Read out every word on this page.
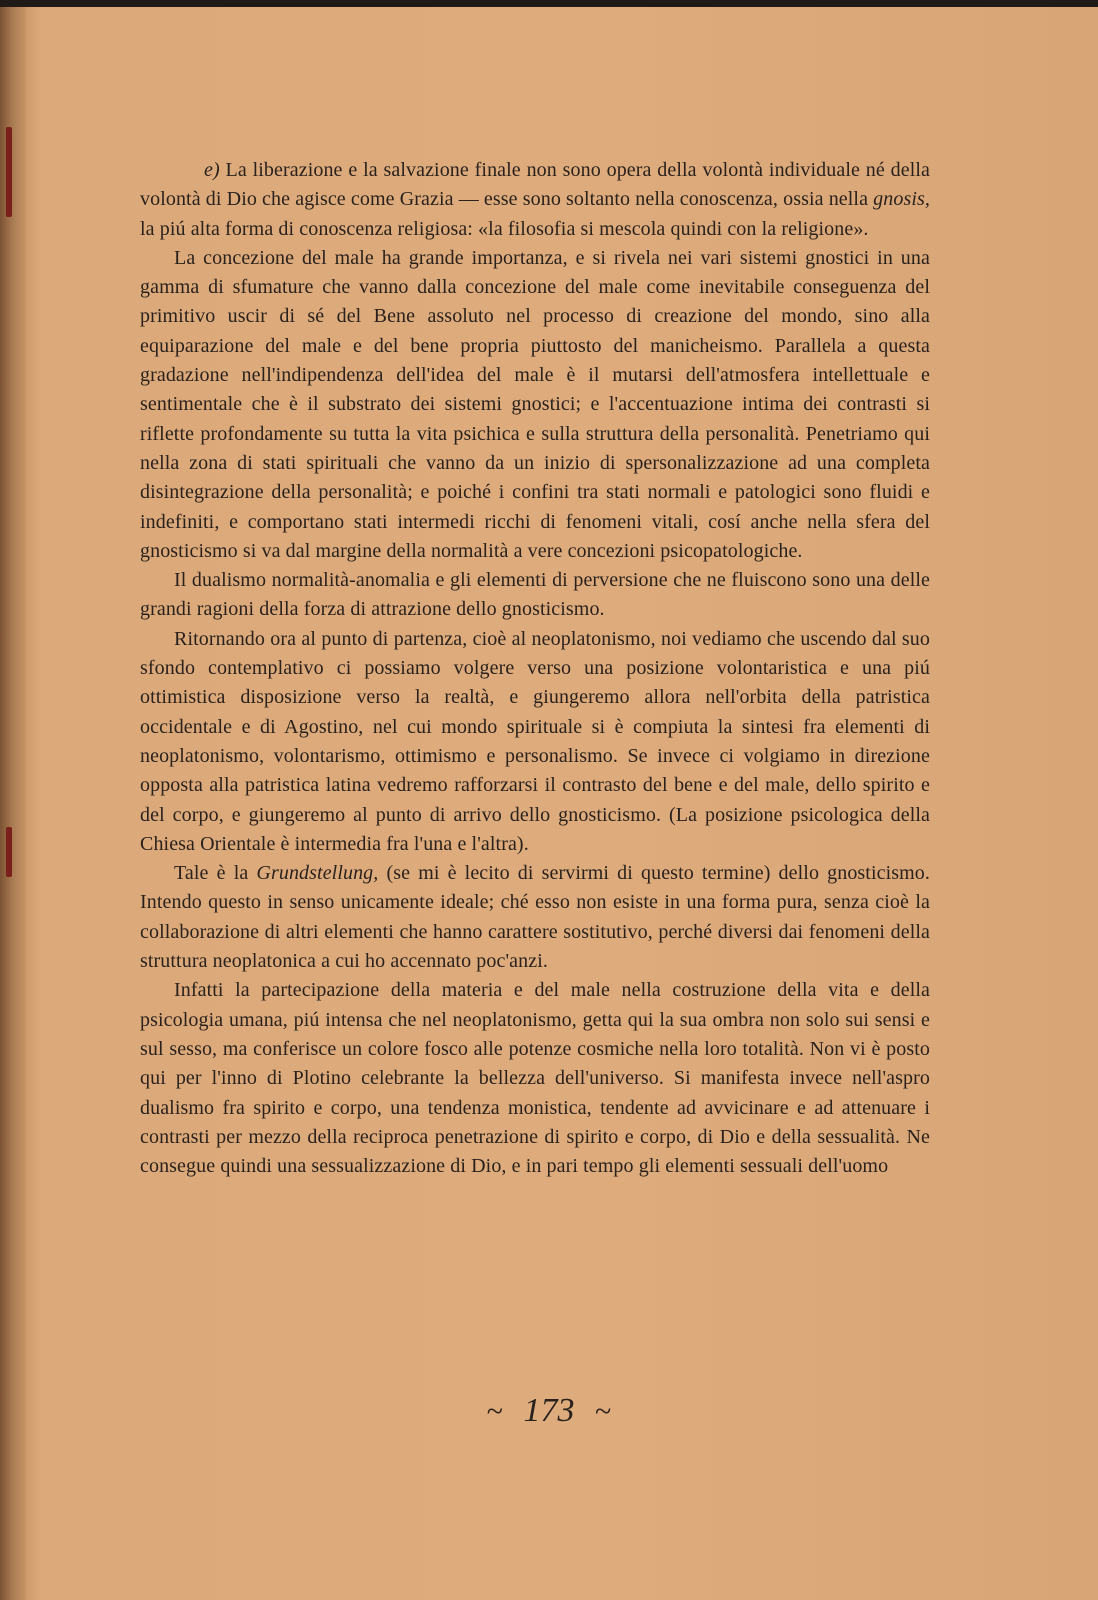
e) La liberazione e la salvazione finale non sono opera della volontà individuale né della volontà di Dio che agisce come Grazia — esse sono soltanto nella conoscenza, ossia nella gnosis, la piú alta forma di conoscenza religiosa: «la filosofia si mescola quindi con la religione».

La concezione del male ha grande importanza, e si rivela nei vari sistemi gnostici in una gamma di sfumature che vanno dalla concezione del male come inevitabile conseguenza del primitivo uscir di sé del Bene assoluto nel processo di creazione del mondo, sino alla equiparazione del male e del bene propria piuttosto del manicheismo. Parallela a questa gradazione nell'indipendenza dell'idea del male è il mutarsi dell'atmosfera intellettuale e sentimentale che è il substrato dei sistemi gnostici; e l'accentuazione intima dei contrasti si riflette profondamente su tutta la vita psichica e sulla struttura della personalità. Penetriamo qui nella zona di stati spirituali che vanno da un inizio di spersonalizzazione ad una completa disintegrazione della personalità; e poiché i confini tra stati normali e patologici sono fluidi e indefiniti, e comportano stati intermedi ricchi di fenomeni vitali, cosí anche nella sfera del gnosticismo si va dal margine della normalità a vere concezioni psicopatologiche.

Il dualismo normalità-anomalia e gli elementi di perversione che ne fluiscono sono una delle grandi ragioni della forza di attrazione dello gnosticismo.

Ritornando ora al punto di partenza, cioè al neoplatonismo, noi vediamo che uscendo dal suo sfondo contemplativo ci possiamo volgere verso una posizione volontaristica e una piú ottimistica disposizione verso la realtà, e giungeremo allora nell'orbita della patristica occidentale e di Agostino, nel cui mondo spirituale si è compiuta la sintesi fra elementi di neoplatonismo, volontarismo, ottimismo e personalismo. Se invece ci volgiamo in direzione opposta alla patristica latina vedremo rafforzarsi il contrasto del bene e del male, dello spirito e del corpo, e giungeremo al punto di arrivo dello gnosticismo. (La posizione psicologica della Chiesa Orientale è intermedia fra l'una e l'altra).

Tale è la Grundstellung, (se mi è lecito di servirmi di questo termine) dello gnosticismo. Intendo questo in senso unicamente ideale; ché esso non esiste in una forma pura, senza cioè la collaborazione di altri elementi che hanno carattere sostitutivo, perché diversi dai fenomeni della struttura neoplatonica a cui ho accennato poc'anzi.

Infatti la partecipazione della materia e del male nella costruzione della vita e della psicologia umana, piú intensa che nel neoplatonismo, getta qui la sua ombra non solo sui sensi e sul sesso, ma conferisce un colore fosco alle potenze cosmiche nella loro totalità. Non vi è posto qui per l'inno di Plotino celebrante la bellezza dell'universo. Si manifesta invece nell'aspro dualismo fra spirito e corpo, una tendenza monistica, tendente ad avvicinare e ad attenuare i contrasti per mezzo della reciproca penetrazione di spirito e corpo, di Dio e della sessualità. Ne consegue quindi una sessualizzazione di Dio, e in pari tempo gli elementi sessuali dell'uomo

~ 173 ~
